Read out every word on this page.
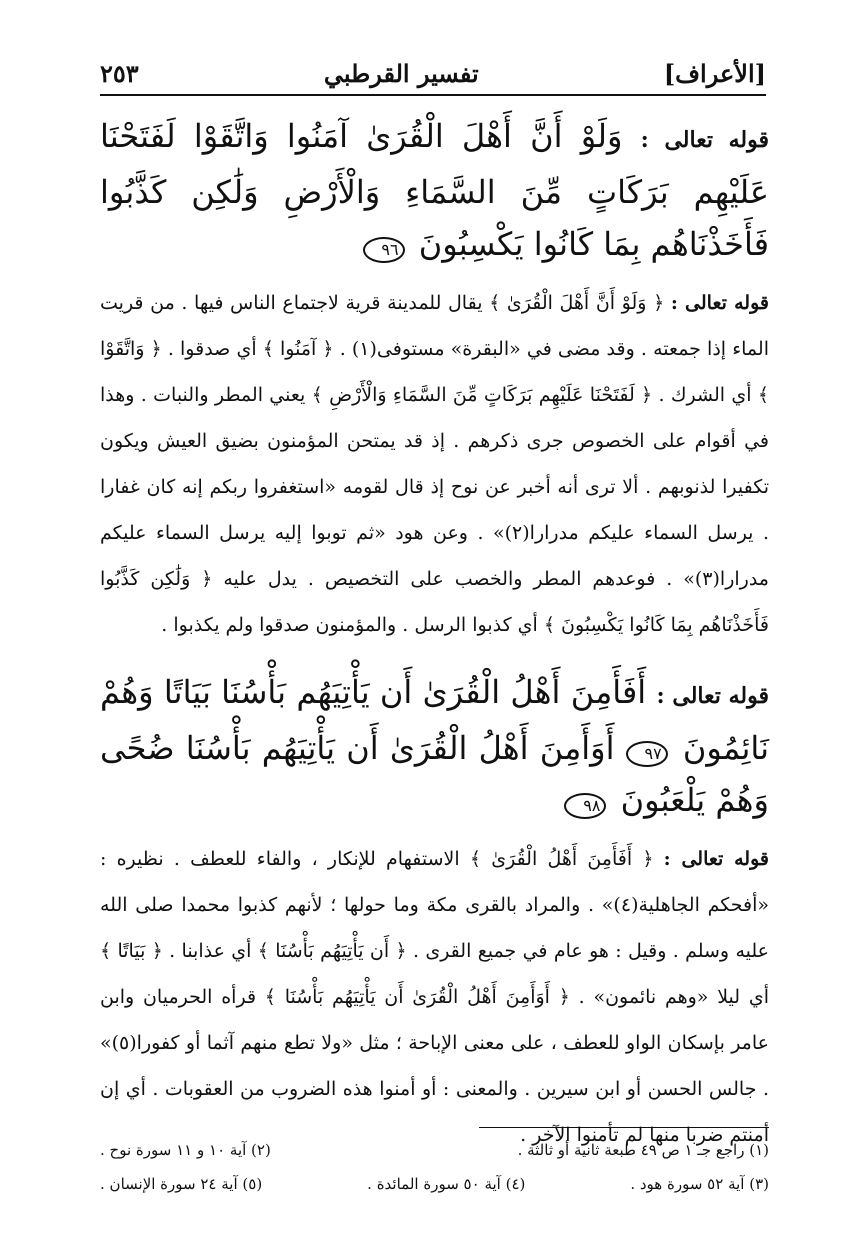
[الأعراف]
تفسير القرطبي
٢٥٣
قوله تعالى : وَلَوْ أَنَّ أَهْلَ الْقُرَىٰ آمَنُوا وَاتَّقَوْا لَفَتَحْنَا عَلَيْهِم بَرَكَاتٍ مِّنَ السَّمَاءِ وَالْأَرْضِ وَلَٰكِن كَذَّبُوا فَأَخَذْنَاهُم بِمَا كَانُوا يَكْسِبُونَ ٩٦
قوله تعالى : ﴿ وَلَوْ أَنَّ أَهْلَ الْقُرَىٰ ﴾ يقال للمدينة قرية لاجتماع الناس فيها . من قريت الماء إذا جمعته . وقد مضى في «البقرة» مستوفى(١) . ﴿ آمَنُوا ﴾ أي صدقوا . ﴿ وَاتَّقَوْا ﴾ أي الشرك . ﴿ لَفَتَحْنَا عَلَيْهِم بَرَكَاتٍ مِّنَ السَّمَاءِ وَالْأَرْضِ ﴾ يعني المطر والنبات . وهذا في أقوام على الخصوص جرى ذكرهم . إذ قد يمتحن المؤمنون بضيق العيش ويكون تكفيرا لذنوبهم . ألا ترى أنه أخبر عن نوح إذ قال لقومه «استغفروا ربكم إنه كان غفارا . يرسل السماء عليكم مدرارا(٢)» . وعن هود «ثم توبوا إليه يرسل السماء عليكم مدرارا(٣)» . فوعدهم المطر والخصب على التخصيص . يدل عليه ﴿ وَلَٰكِن كَذَّبُوا فَأَخَذْنَاهُم بِمَا كَانُوا يَكْسِبُونَ ﴾ أي كذبوا الرسل . والمؤمنون صدقوا ولم يكذبوا .
قوله تعالى : أَفَأَمِنَ أَهْلُ الْقُرَىٰ أَن يَأْتِيَهُم بَأْسُنَا بَيَاتًا وَهُمْ نَائِمُونَ ٩٧ أَوَأَمِنَ أَهْلُ الْقُرَىٰ أَن يَأْتِيَهُم بَأْسُنَا ضُحًى وَهُمْ يَلْعَبُونَ ٩٨
قوله تعالى : ﴿ أَفَأَمِنَ أَهْلُ الْقُرَىٰ ﴾ الاستفهام للإنكار ، والفاء للعطف . نظيره : «أفحكم الجاهلية(٤)» . والمراد بالقرى مكة وما حولها ؛ لأنهم كذبوا محمدا صلى الله عليه وسلم . وقيل : هو عام في جميع القرى . ﴿ أَن يَأْتِيَهُم بَأْسُنَا ﴾ أي عذابنا . ﴿ بَيَاتًا ﴾ أي ليلا «وهم نائمون» . ﴿ أَوَأَمِنَ أَهْلُ الْقُرَىٰ أَن يَأْتِيَهُم بَأْسُنَا ﴾ قرأه الحرميان وابن عامر بإسكان الواو للعطف ، على معنى الإباحة ؛ مثل «ولا تطع منهم آثما أو كفورا(٥)» . جالس الحسن أو ابن سيرين . والمعنى : أو أمنوا هذه الضروب من العقوبات . أي إن أمنتم ضربا منها لم تأمنوا الآخر .
(١) راجع جـ ١ ص ٤٩ طبعة ثانية أو ثالثة .
(٢) آية ١٠ و ١١ سورة نوح .
(٣) آية ٥٢ سورة هود .
(٤) آية ٥٠ سورة المائدة .
(٥) آية ٢٤ سورة الإنسان .
